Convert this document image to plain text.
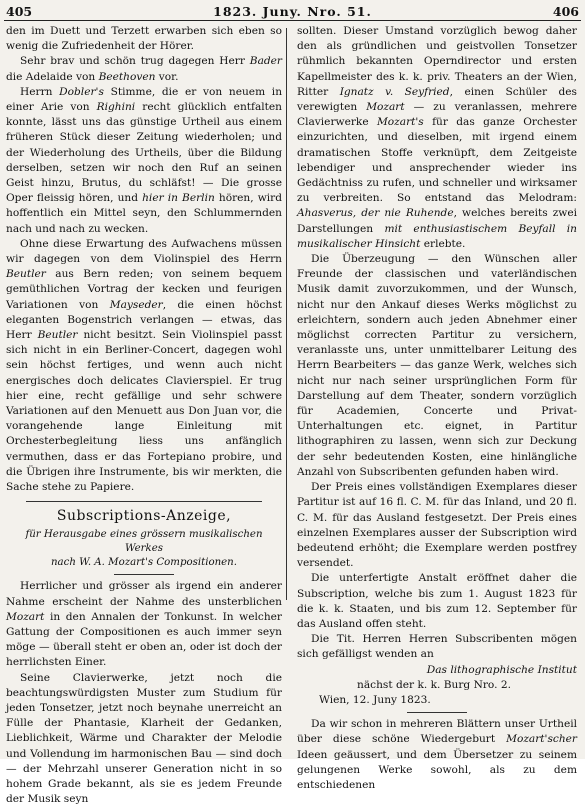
405	1823. Juny. Nro. 51.	406

den im Duett und Terzett erwarben sich eben so wenig die Zufriedenheit der Hörer.

Sehr brav und schön trug dagegen Herr Bader die Adelaide von Beethoven vor.

Herrn Dobler's Stimme, die er von neuem in einer Arie von Righini recht glücklich entfalten konnte, lässt uns das günstige Urtheil aus einem früheren Stück dieser Zeitung wiederholen; und der Wiederholung des Urtheils, über die Bildung derselben, setzen wir noch den Ruf an seinen Geist hinzu, Brutus, du schläfst! — Die grosse Oper fleissig hören, und hier in Berlin hören, wird hoffentlich ein Mittel seyn, den Schlummernden nach und nach zu wecken.

Ohne diese Erwartung des Aufwachens müssen wir dagegen von dem Violinspiel des Herrn Beutler aus Bern reden; von seinem bequem gemüthlichen Vortrag der kecken und feurigen Variationen von Mayseder, die einen höchst eleganten Bogenstrich verlangen — etwas, das Herr Beutler nicht besitzt. Sein Violinspiel passt sich nicht in ein Berliner-Concert, dagegen wohl sein höchst fertiges, und wenn auch nicht energisches doch delicates Clavierspiel. Er trug hier eine, recht gefällige und sehr schwere Variationen auf den Menuett aus Don Juan vor, die vorangehende lange Einleitung mit Orchesterbegleitung liess uns anfänglich vermuthen, dass er das Fortepiano probire, und die Übrigen ihre Instrumente, bis wir merkten, die Sache stehe zu Papiere.

Subscriptions-Anzeige,

für Herausgabe eines grössern musikalischen Werkes

nach W. A. Mozart's Compositionen.

Herrlicher und grösser als irgend ein anderer Nahme erscheint der Nahme des unsterblichen Mozart in den Annalen der Tonkunst. In welcher Gattung der Compositionen es auch immer seyn möge — überall steht er oben an, oder ist doch der herrlichsten Einer.

Seine Clavierwerke, jetzt noch die beachtungswürdigsten Muster zum Studium für jeden Tonsetzer, jetzt noch beynahe unerreicht an Fülle der Phantasie, Klarheit der Gedanken, Lieblichkeit, Wärme und Charakter der Melodie und Vollendung im harmonischen Bau — sind doch — der Mehrzahl unserer Generation nicht in so hohem Grade bekannt, als sie es jedem Freunde der Musik seyn

sollten. Dieser Umstand vorzüglich bewog daher den als gründlichen und geistvollen Tonsetzer rühmlich bekannten Operndirector und ersten Kapellmeister des k. k. priv. Theaters an der Wien, Ritter Ignatz v. Seyfried, einen Schüler des verewigten Mozart — zu veranlassen, mehrere Clavierwerke Mozart's für das ganze Orchester einzurichten, und dieselben, mit irgend einem dramatischen Stoffe verknüpft, dem Zeitgeiste lebendiger und ansprechender wieder ins Gedächtniss zu rufen, und schneller und wirksamer zu verbreiten. So entstand das Melodram: Ahasverus, der nie Ruhende, welches bereits zwei Darstellungen mit enthusiastischem Beyfall in musikalischer Hinsicht erlebte.

Die Überzeugung — den Wünschen aller Freunde der classischen und vaterländischen Musik damit zuvorzukommen, und der Wunsch, nicht nur den Ankauf dieses Werks möglichst zu erleichtern, sondern auch jeden Abnehmer einer möglichst correcten Partitur zu versichern, veranlasste uns, unter unmittelbarer Leitung des Herrn Bearbeiters — das ganze Werk, welches sich nicht nur nach seiner ursprünglichen Form für Darstellung auf dem Theater, sondern vorzüglich für Academien, Concerte und Privat-Unterhaltungen etc. eignet, in Partitur lithographiren zu lassen, wenn sich zur Deckung der sehr bedeutenden Kosten, eine hinlängliche Anzahl von Subscribenten gefunden haben wird.

Der Preis eines vollständigen Exemplares dieser Partitur ist auf 16 fl. C. M. für das Inland, und 20 fl. C. M. für das Ausland festgesetzt. Der Preis eines einzelnen Exemplares ausser der Subscription wird bedeutend erhöht; die Exemplare werden postfrey versendet.

Die unterfertigte Anstalt eröffnet daher die Subscription, welche bis zum 1. August 1823 für die k. k. Staaten, und bis zum 12. September für das Ausland offen steht.

Die Tit. Herren Herren Subscribenten mögen sich gefälligst wenden an

Das lithographische Institut

nächst der k. k. Burg Nro. 2.

Wien, 12. Juny 1823.

Da wir schon in mehreren Blättern unser Urtheil über diese schöne Wiedergeburt Mozart'scher Ideen geäussert, und dem Übersetzer zu seinem gelungenen Werke sowohl, als zu dem entschiedenen
